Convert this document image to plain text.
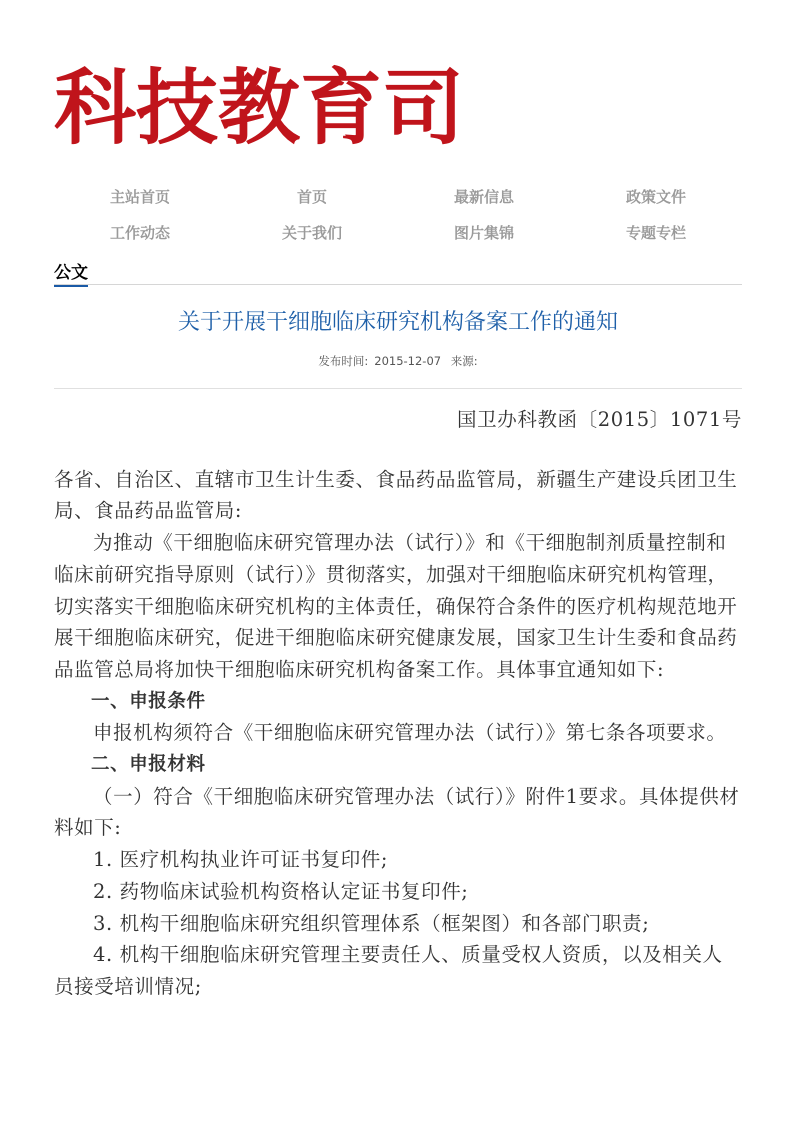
科技教育司
主站首页	首页	最新信息	政策文件
工作动态	关于我们	图片集锦	专题专栏
公文
关于开展干细胞临床研究机构备案工作的通知
发布时间: 2015-12-07 来源:

国卫办科教函〔2015〕1071号

各省、自治区、直辖市卫生计生委、食品药品监管局，新疆生产建设兵团卫生局、食品药品监管局:

为推动《干细胞临床研究管理办法（试行）》和《干细胞制剂质量控制和临床前研究指导原则（试行）》贯彻落实，加强对干细胞临床研究机构管理，切实落实干细胞临床研究机构的主体责任，确保符合条件的医疗机构规范地开展干细胞临床研究，促进干细胞临床研究健康发展，国家卫生计生委和食品药品监管总局将加快干细胞临床研究机构备案工作。具体事宜通知如下:

一、申报条件

申报机构须符合《干细胞临床研究管理办法（试行）》第七条各项要求。

二、申报材料

（一）符合《干细胞临床研究管理办法（试行）》附件1要求。具体提供材料如下:

1. 医疗机构执业许可证书复印件;

2. 药物临床试验机构资格认定证书复印件;

3. 机构干细胞临床研究组织管理体系（框架图）和各部门职责;

4. 机构干细胞临床研究管理主要责任人、质量受权人资质，以及相关人员接受培训情况;
